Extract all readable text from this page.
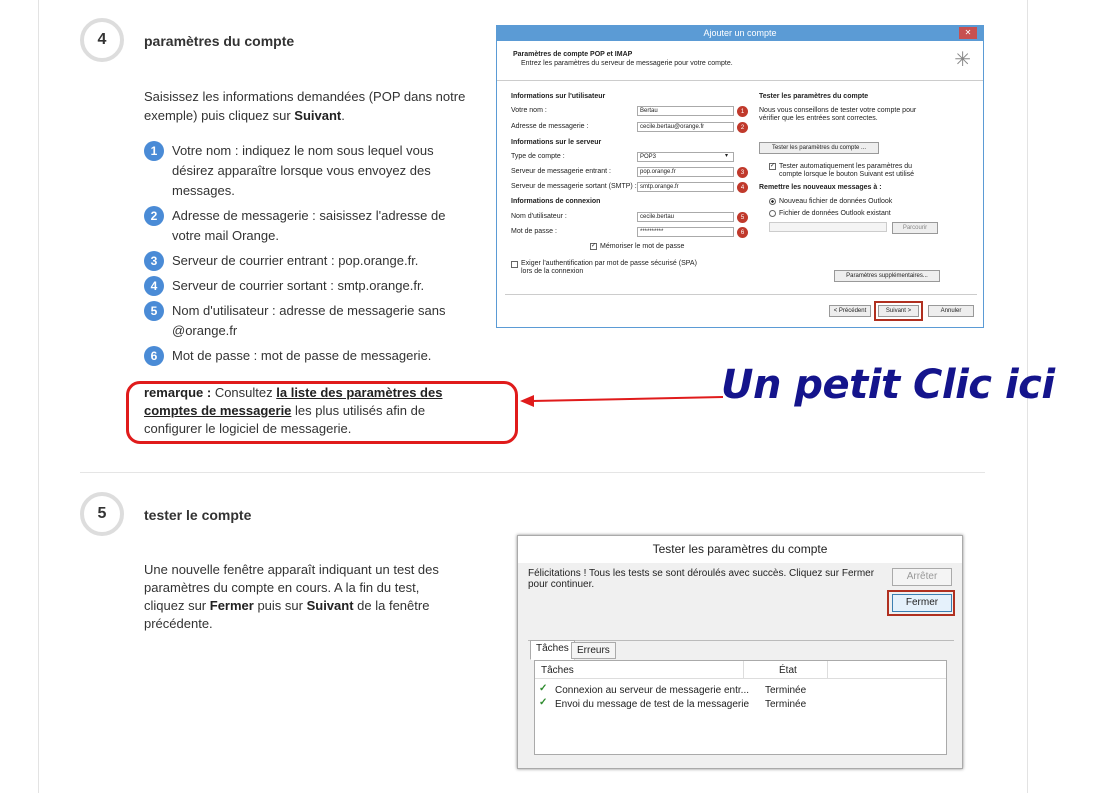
4	paramètres du compte
Saisissez les informations demandées (POP dans notre exemple) puis cliquez sur Suivant.
1	Votre nom : indiquez le nom sous lequel vous désirez apparaître lorsque vous envoyez des messages.
2	Adresse de messagerie : saisissez l'adresse de votre mail Orange.
3	Serveur de courrier entrant : pop.orange.fr.
4	Serveur de courrier sortant : smtp.orange.fr.
5	Nom d'utilisateur : adresse de messagerie sans @orange.fr
6	Mot de passe : mot de passe de messagerie.
remarque : Consultez la liste des paramètres des comptes de messagerie les plus utilisés afin de configurer le logiciel de messagerie.
Un petit Clic ici
Ajouter un compte	✕
Paramètres de compte POP et IMAP
Entrez les paramètres du serveur de messagerie pour votre compte.	✳
Informations sur l'utilisateur
Votre nom :	Bertau	1
Adresse de messagerie :	cecile.bertau@orange.fr	2
Informations sur le serveur
Type de compte :	POP3	▾
Serveur de messagerie entrant :	pop.orange.fr	3
Serveur de messagerie sortant (SMTP) : smtp.orange.fr	4
Informations de connexion
Nom d'utilisateur :	cecile.bertau	5
Mot de passe :	**********	6
✓ Mémoriser le mot de passe
Exiger l'authentification par mot de passe sécurisé (SPA)
lors de la connexion
Tester les paramètres du compte
Nous vous conseillons de tester votre compte pour
vérifier que les entrées sont correctes.
Tester les paramètres du compte ...
✓ Tester automatiquement les paramètres du
compte lorsque le bouton Suivant est utilisé
Remettre les nouveaux messages à :
Nouveau fichier de données Outlook
Fichier de données Outlook existant
Parcourir
Paramètres supplémentaires...
< Précédent	Suivant >	Annuler
5	tester le compte
Une nouvelle fenêtre apparaît indiquant un test des paramètres du compte en cours. A la fin du test, cliquez sur Fermer puis sur Suivant de la fenêtre précédente.
Tester les paramètres du compte
Félicitations ! Tous les tests se sont déroulés avec succès. Cliquez sur Fermer pour continuer.
Arrêter
Fermer
Tâches Erreurs
Tâches	État
✓ Connexion au serveur de messagerie entr... Terminée
✓ Envoi du message de test de la messagerie Terminée
